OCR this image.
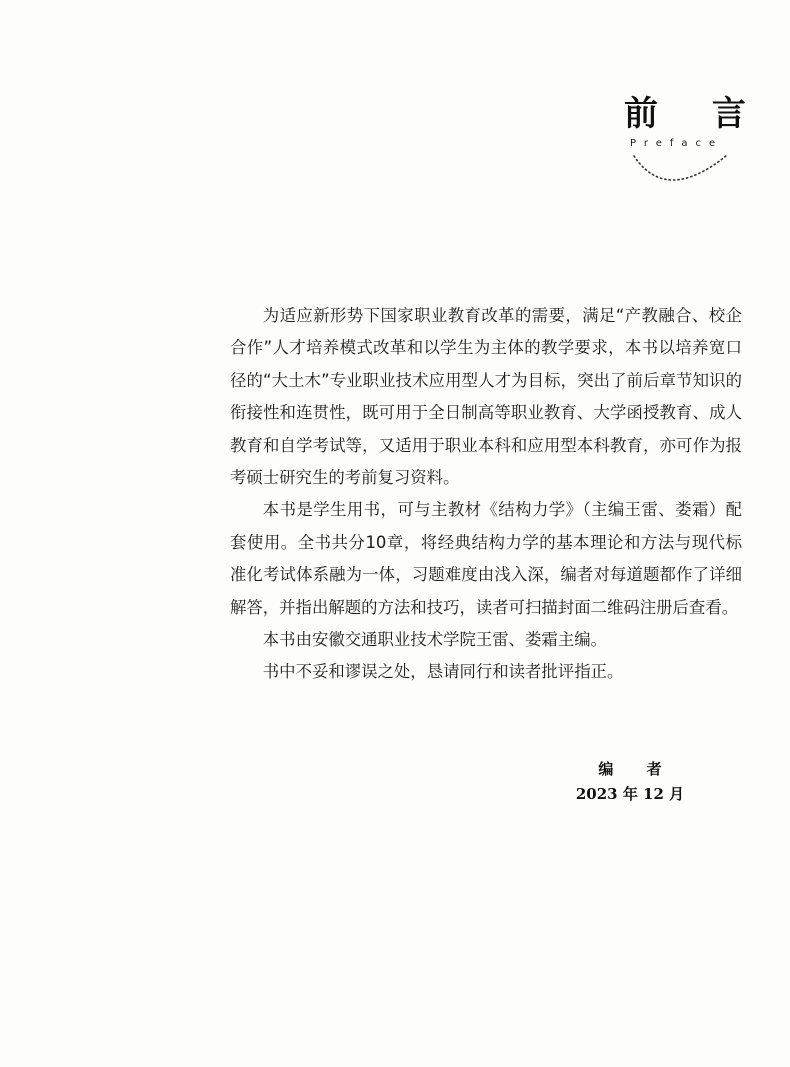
前 言
Preface

为适应新形势下国家职业教育改革的需要，满足“产教融合、校企合作”人才培养模式改革和以学生为主体的教学要求，本书以培养宽口径的“大土木”专业职业技术应用型人才为目标，突出了前后章节知识的衔接性和连贯性，既可用于全日制高等职业教育、大学函授教育、成人教育和自学考试等，又适用于职业本科和应用型本科教育，亦可作为报考硕士研究生的考前复习资料。

本书是学生用书，可与主教材《结构力学》（主编王雷、娄霜）配套使用。全书共分10章，将经典结构力学的基本理论和方法与现代标准化考试体系融为一体，习题难度由浅入深，编者对每道题都作了详细解答，并指出解题的方法和技巧，读者可扫描封面二维码注册后查看。

本书由安徽交通职业技术学院王雷、娄霜主编。

书中不妥和谬误之处，恳请同行和读者批评指正。

编 者
2023 年 12 月
